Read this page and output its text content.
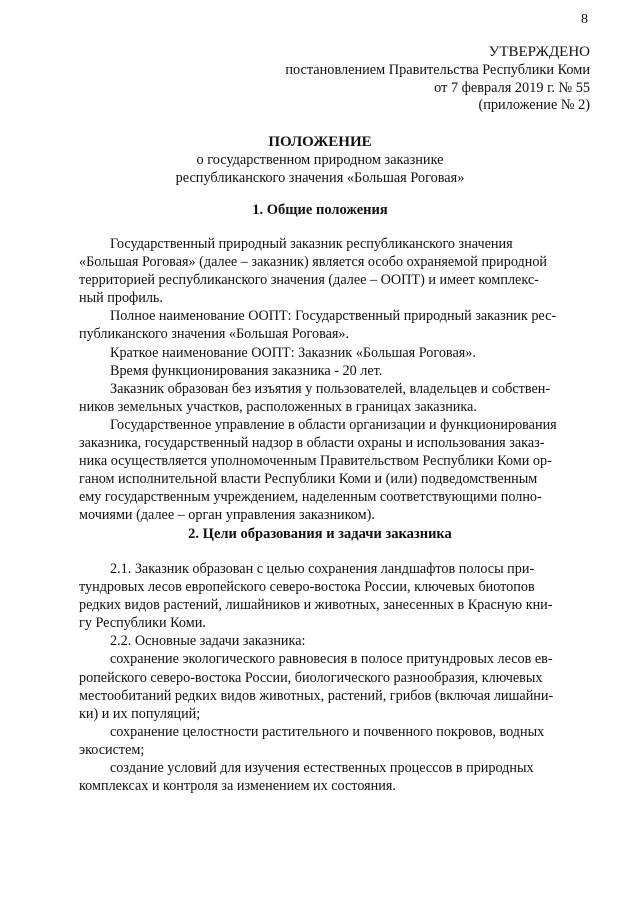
8
УТВЕРЖДЕНО
постановлением Правительства Республики Коми
от 7 февраля 2019 г. № 55
(приложение № 2)
ПОЛОЖЕНИЕ
о государственном природном заказнике
республиканского значения «Большая Роговая»
1. Общие положения
Государственный природный заказник республиканского значения
«Большая Роговая» (далее – заказник) является особо охраняемой природной
территорией республиканского значения (далее – ООПТ) и имеет комплекс-
ный профиль.
Полное наименование ООПТ: Государственный природный заказник рес-
публиканского значения «Большая Роговая».
Краткое наименование ООПТ: Заказник «Большая Роговая».
Время функционирования заказника - 20 лет.
Заказник образован без изъятия у пользователей, владельцев и собствен-
ников земельных участков, расположенных в границах заказника.
Государственное управление в области организации и функционирования
заказника, государственный надзор в области охраны и использования заказ-
ника осуществляется уполномоченным Правительством Республики Коми ор-
ганом исполнительной власти Республики Коми и (или) подведомственным
ему государственным учреждением, наделенным соответствующими полно-
мочиями (далее – орган управления заказником).
2. Цели образования и задачи заказника
2.1. Заказник образован с целью сохранения ландшафтов полосы при-
тундровых лесов европейского северо-востока России, ключевых биотопов
редких видов растений, лишайников и животных, занесенных в Красную кни-
гу Республики Коми.
2.2. Основные задачи заказника:
сохранение экологического равновесия в полосе притундровых лесов ев-
ропейского северо-востока России, биологического разнообразия, ключевых
местообитаний редких видов животных, растений, грибов (включая лишайни-
ки) и их популяций;
сохранение целостности растительного и почвенного покровов, водных
экосистем;
создание условий для изучения естественных процессов в природных
комплексах и контроля за изменением их состояния.
